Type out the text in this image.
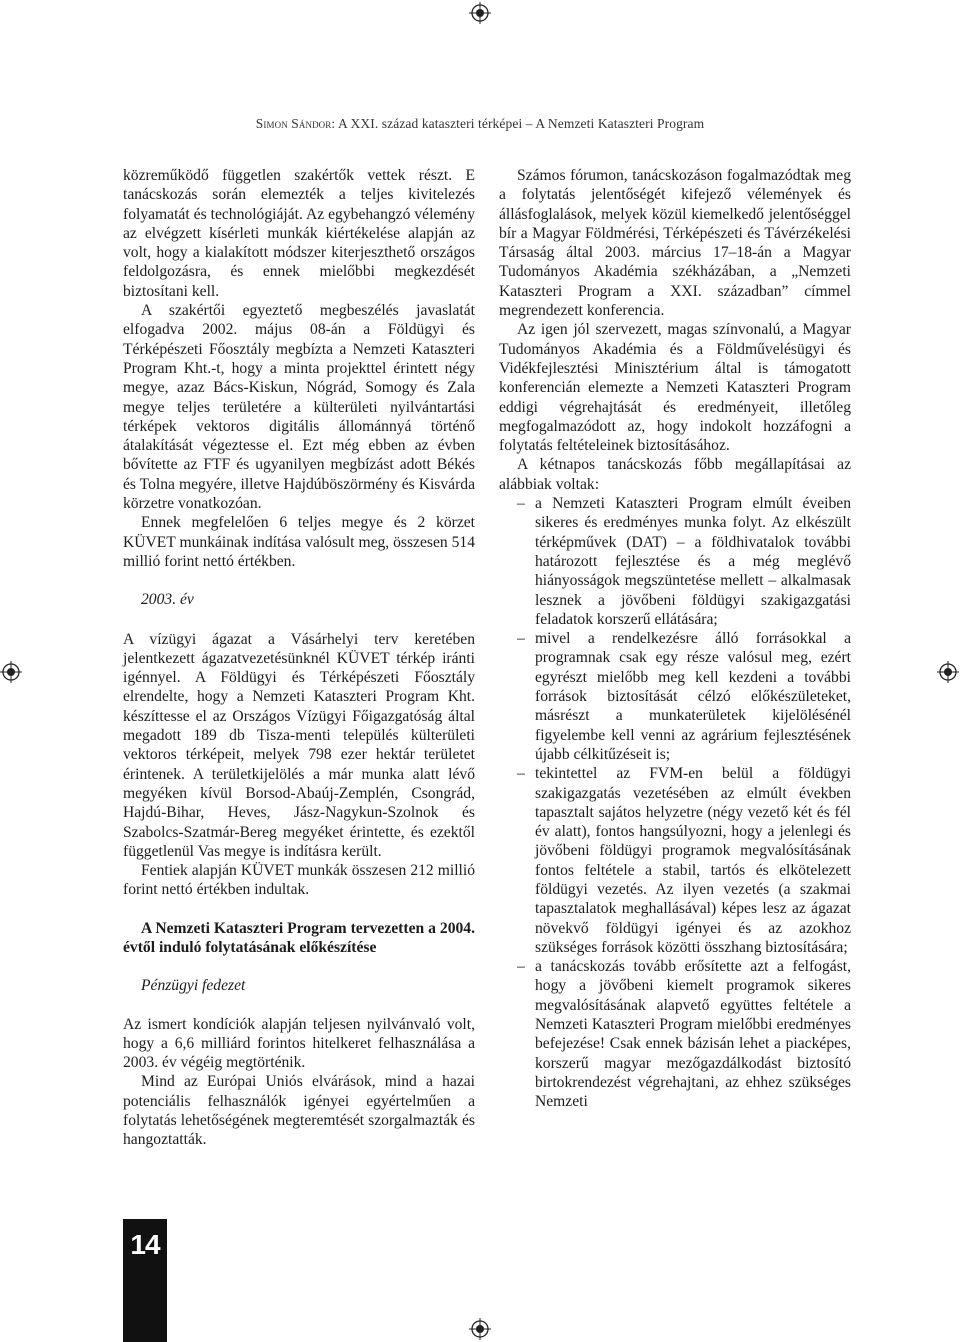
Simon Sándor: A XXI. század kataszteri térképei – A Nemzeti Kataszteri Program

közreműködő független szakértők vettek részt. E tanácskozás során elemezték a teljes kivitelezés folyamatát és technológiáját. Az egybehangzó vélemény az elvégzett kísérleti munkák kiértékelése alapján az volt, hogy a kialakított módszer kiterjeszthető országos feldolgozásra, és ennek mielőbbi megkezdését biztosítani kell.

A szakértői egyeztető megbeszélés javaslatát elfogadva 2002. május 08-án a Földügyi és Térképészeti Főosztály megbízta a Nemzeti Kataszteri Program Kht.-t, hogy a minta projekttel érintett négy megye, azaz Bács-Kiskun, Nógrád, Somogy és Zala megye teljes területére a külterületi nyilvántartási térképek vektoros digitális állománnyá történő átalakítását végeztesse el. Ezt még ebben az évben bővítette az FTF és ugyanilyen megbízást adott Békés és Tolna megyére, illetve Hajdúböszörmény és Kisvárda körzetre vonatkozóan.

Ennek megfelelően 6 teljes megye és 2 körzet KÜVET munkáinak indítása valósult meg, összesen 514 millió forint nettó értékben.

2003. év

A vízügyi ágazat a Vásárhelyi terv keretében jelentkezett ágazatvezetésünknél KÜVET térkép iránti igénnyel. A Földügyi és Térképészeti Főosztály elrendelte, hogy a Nemzeti Kataszteri Program Kht. készíttesse el az Országos Vízügyi Főigazgatóság által megadott 189 db Tisza-menti település külterületi vektoros térképeit, melyek 798 ezer hektár területet érintenek. A területkijelölés a már munka alatt lévő megyéken kívül Borsod-Abaúj-Zemplén, Csongrád, Hajdú-Bihar, Heves, Jász-Nagykun-Szolnok és Szabolcs-Szatmár-Bereg megyéket érintette, és ezektől függetlenül Vas megye is indításra került.

Fentiek alapján KÜVET munkák összesen 212 millió forint nettó értékben indultak.

A Nemzeti Kataszteri Program tervezetten a 2004. évtől induló folytatásának előkészítése

Pénzügyi fedezet

Az ismert kondíciók alapján teljesen nyilvánvaló volt, hogy a 6,6 milliárd forintos hitelkeret felhasználása a 2003. év végéig megtörténik.

Mind az Európai Uniós elvárások, mind a hazai potenciális felhasználók igényei egyértelműen a folytatás lehetőségének megteremtését szorgalmazták és hangoztatták.

Számos fórumon, tanácskozáson fogalmazódtak meg a folytatás jelentőségét kifejező vélemények és állásfoglalások, melyek közül kiemelkedő jelentőséggel bír a Magyar Földmérési, Térképészeti és Távérzékelési Társaság által 2003. március 17–18-án a Magyar Tudományos Akadémia székházában, a „Nemzeti Kataszteri Program a XXI. században” címmel megrendezett konferencia.

Az igen jól szervezett, magas színvonalú, a Magyar Tudományos Akadémia és a Földművelésügyi és Vidékfejlesztési Minisztérium által is támogatott konferencián elemezte a Nemzeti Kataszteri Program eddigi végrehajtását és eredményeit, illetőleg megfogalmazódott az, hogy indokolt hozzáfogni a folytatás feltételeinek biztosításához.

A kétnapos tanácskozás főbb megállapításai az alábbiak voltak:

– a Nemzeti Kataszteri Program elmúlt éveiben sikeres és eredményes munka folyt. Az elkészült térképművek (DAT) – a földhivatalok további határozott fejlesztése és a még meglévő hiányosságok megszüntetése mellett – alkalmasak lesznek a jövőbeni földügyi szakigazgatási feladatok korszerű ellátására;
– mivel a rendelkezésre álló forrásokkal a programnak csak egy része valósul meg, ezért egyrészt mielőbb meg kell kezdeni a további források biztosítását célzó előkészületeket, másrészt a munkaterületek kijelölésénél figyelembe kell venni az agrárium fejlesztésének újabb célkitűzéseit is;
– tekintettel az FVM-en belül a földügyi szakigazgatás vezetésében az elmúlt években tapasztalt sajátos helyzetre (négy vezető két és fél év alatt), fontos hangsúlyozni, hogy a jelenlegi és jövőbeni földügyi programok megvalósításának fontos feltétele a stabil, tartós és elkötelezett földügyi vezetés. Az ilyen vezetés (a szakmai tapasztalatok meghallásával) képes lesz az ágazat növekvő földügyi igényei és az azokhoz szükséges források közötti összhang biztosítására;
– a tanácskozás tovább erősítette azt a felfogást, hogy a jövőbeni kiemelt programok sikeres megvalósításának alapvető együttes feltétele a Nemzeti Kataszteri Program mielőbbi eredményes befejezése! Csak ennek bázisán lehet a piacképes, korszerű magyar mezőgazdálkodást biztosító birtokrendezést végrehajtani, az ehhez szükséges Nemzeti
14
